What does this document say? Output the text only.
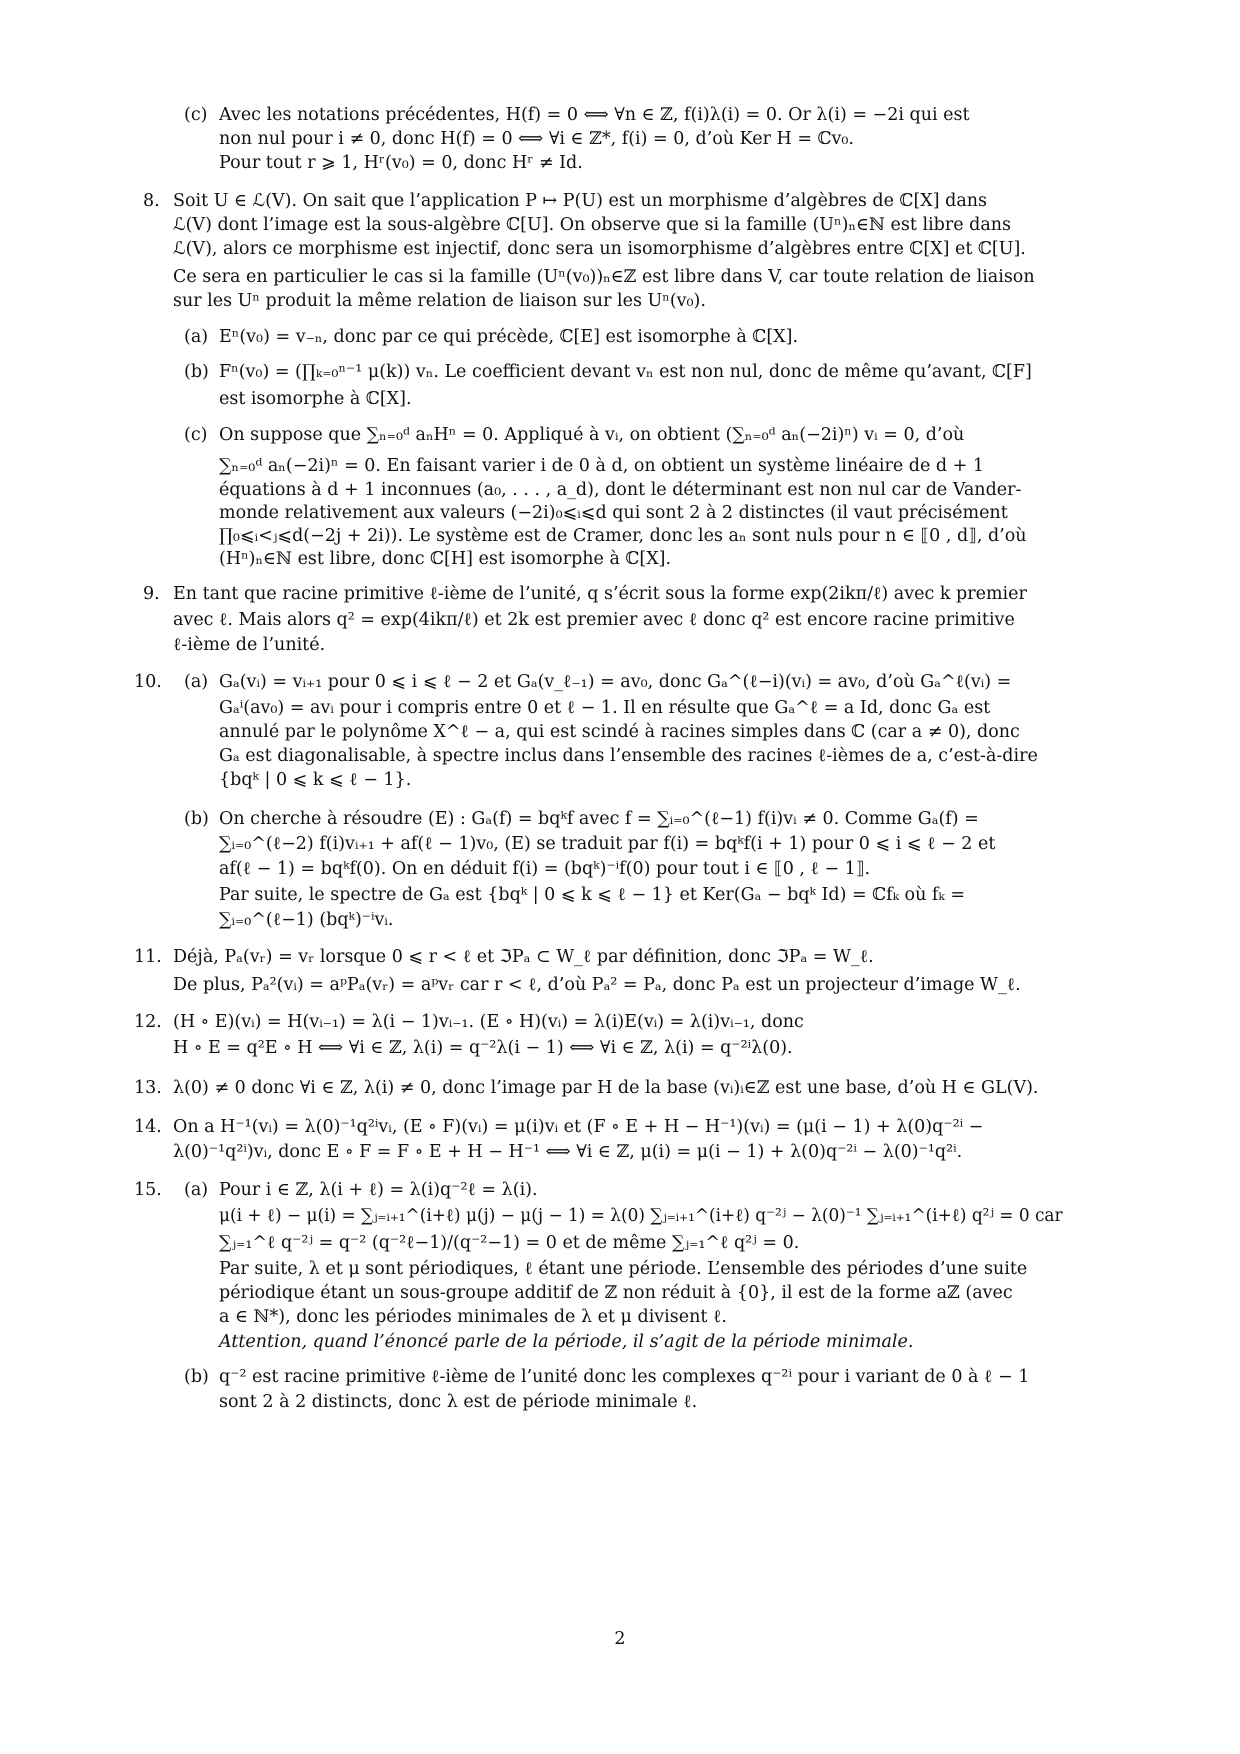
(c) Avec les notations précédentes, H(f) = 0 ⟺ ∀n ∈ ℤ, f(i)λ(i) = 0. Or λ(i) = −2i qui est
non nul pour i ≠ 0, donc H(f) = 0 ⟺ ∀i ∈ ℤ*, f(i) = 0, d’où Ker H = ℂv₀.
Pour tout r ⩾ 1, Hʳ(v₀) = 0, donc Hʳ ≠ Id.
8. Soit U ∈ ℒ(V). On sait que l’application P ↦ P(U) est un morphisme d’algèbres de ℂ[X] dans
ℒ(V) dont l’image est la sous-algèbre ℂ[U]. On observe que si la famille (Uⁿ)ₙ∈ℕ est libre dans
ℒ(V), alors ce morphisme est injectif, donc sera un isomorphisme d’algèbres entre ℂ[X] et ℂ[U].
Ce sera en particulier le cas si la famille (Uⁿ(v₀))ₙ∈ℤ est libre dans V, car toute relation de liaison
sur les Uⁿ produit la même relation de liaison sur les Uⁿ(v₀).
(a) Eⁿ(v₀) = v₋ₙ, donc par ce qui précède, ℂ[E] est isomorphe à ℂ[X].
(b) Fⁿ(v₀) = (∏ₖ₌₀ⁿ⁻¹ μ(k)) vₙ. Le coefficient devant vₙ est non nul, donc de même qu’avant, ℂ[F]
est isomorphe à ℂ[X].
(c) On suppose que ∑ₙ₌₀ᵈ aₙHⁿ = 0. Appliqué à vᵢ, on obtient (∑ₙ₌₀ᵈ aₙ(−2i)ⁿ) vᵢ = 0, d’où
∑ₙ₌₀ᵈ aₙ(−2i)ⁿ = 0. En faisant varier i de 0 à d, on obtient un système linéaire de d + 1
équations à d + 1 inconnues (a₀, . . . , a_d), dont le déterminant est non nul car de Vander-
monde relativement aux valeurs (−2i)₀⩽ᵢ⩽d qui sont 2 à 2 distinctes (il vaut précisément
∏₀⩽ᵢ<ⱼ⩽d(−2j + 2i)). Le système est de Cramer, donc les aₙ sont nuls pour n ∈ ⟦0 , d⟧, d’où
(Hⁿ)ₙ∈ℕ est libre, donc ℂ[H] est isomorphe à ℂ[X].
9. En tant que racine primitive ℓ-ième de l’unité, q s’écrit sous la forme exp(2ikπ/ℓ) avec k premier
avec ℓ. Mais alors q² = exp(4ikπ/ℓ) et 2k est premier avec ℓ donc q² est encore racine primitive
ℓ-ième de l’unité.
10. (a) Gₐ(vᵢ) = vᵢ₊₁ pour 0 ⩽ i ⩽ ℓ − 2 et Gₐ(v_ℓ₋₁) = av₀, donc Gₐ^(ℓ−i)(vᵢ) = av₀, d’où Gₐ^ℓ(vᵢ) =
Gₐⁱ(av₀) = avᵢ pour i compris entre 0 et ℓ − 1. Il en résulte que Gₐ^ℓ = a Id, donc Gₐ est
annulé par le polynôme X^ℓ − a, qui est scindé à racines simples dans ℂ (car a ≠ 0), donc
Gₐ est diagonalisable, à spectre inclus dans l’ensemble des racines ℓ-ièmes de a, c’est-à-dire
{bqᵏ | 0 ⩽ k ⩽ ℓ − 1}.
(b) On cherche à résoudre (E) : Gₐ(f) = bqᵏf avec f = ∑ᵢ₌₀^(ℓ−1) f(i)vᵢ ≠ 0. Comme Gₐ(f) =
∑ᵢ₌₀^(ℓ−2) f(i)vᵢ₊₁ + af(ℓ − 1)v₀, (E) se traduit par f(i) = bqᵏf(i + 1) pour 0 ⩽ i ⩽ ℓ − 2 et
af(ℓ − 1) = bqᵏf(0). On en déduit f(i) = (bqᵏ)⁻ⁱf(0) pour tout i ∈ ⟦0 , ℓ − 1⟧.
Par suite, le spectre de Gₐ est {bqᵏ | 0 ⩽ k ⩽ ℓ − 1} et Ker(Gₐ − bqᵏ Id) = ℂfₖ où fₖ =
∑ᵢ₌₀^(ℓ−1) (bqᵏ)⁻ⁱvᵢ.
11. Déjà, Pₐ(vᵣ) = vᵣ lorsque 0 ⩽ r < ℓ et ℑPₐ ⊂ W_ℓ par définition, donc ℑPₐ = W_ℓ.
De plus, Pₐ²(vᵢ) = aᵖPₐ(vᵣ) = aᵖvᵣ car r < ℓ, d’où Pₐ² = Pₐ, donc Pₐ est un projecteur d’image W_ℓ.
12. (H ∘ E)(vᵢ) = H(vᵢ₋₁) = λ(i − 1)vᵢ₋₁. (E ∘ H)(vᵢ) = λ(i)E(vᵢ) = λ(i)vᵢ₋₁, donc
H ∘ E = q²E ∘ H ⟺ ∀i ∈ ℤ, λ(i) = q⁻²λ(i − 1) ⟺ ∀i ∈ ℤ, λ(i) = q⁻²ⁱλ(0).
13. λ(0) ≠ 0 donc ∀i ∈ ℤ, λ(i) ≠ 0, donc l’image par H de la base (vᵢ)ᵢ∈ℤ est une base, d’où H ∈ GL(V).
14. On a H⁻¹(vᵢ) = λ(0)⁻¹q²ⁱvᵢ, (E ∘ F)(vᵢ) = μ(i)vᵢ et (F ∘ E + H − H⁻¹)(vᵢ) = (μ(i − 1) + λ(0)q⁻²ⁱ −
λ(0)⁻¹q²ⁱ)vᵢ, donc E ∘ F = F ∘ E + H − H⁻¹ ⟺ ∀i ∈ ℤ, μ(i) = μ(i − 1) + λ(0)q⁻²ⁱ − λ(0)⁻¹q²ⁱ.
15. (a) Pour i ∈ ℤ, λ(i + ℓ) = λ(i)q⁻²ℓ = λ(i).
μ(i + ℓ) − μ(i) = ∑ⱼ₌ᵢ₊₁^(i+ℓ) μ(j) − μ(j − 1) = λ(0) ∑ⱼ₌ᵢ₊₁^(i+ℓ) q⁻²ʲ − λ(0)⁻¹ ∑ⱼ₌ᵢ₊₁^(i+ℓ) q²ʲ = 0 car
∑ⱼ₌₁^ℓ q⁻²ʲ = q⁻² (q⁻²ℓ−1)/(q⁻²−1) = 0 et de même ∑ⱼ₌₁^ℓ q²ʲ = 0.
Par suite, λ et μ sont périodiques, ℓ étant une période. L’ensemble des périodes d’une suite
périodique étant un sous-groupe additif de ℤ non réduit à {0}, il est de la forme aℤ (avec
a ∈ ℕ*), donc les périodes minimales de λ et μ divisent ℓ.
Attention, quand l’énoncé parle de la période, il s’agit de la période minimale.
(b) q⁻² est racine primitive ℓ-ième de l’unité donc les complexes q⁻²ⁱ pour i variant de 0 à ℓ − 1
sont 2 à 2 distincts, donc λ est de période minimale ℓ.
2
